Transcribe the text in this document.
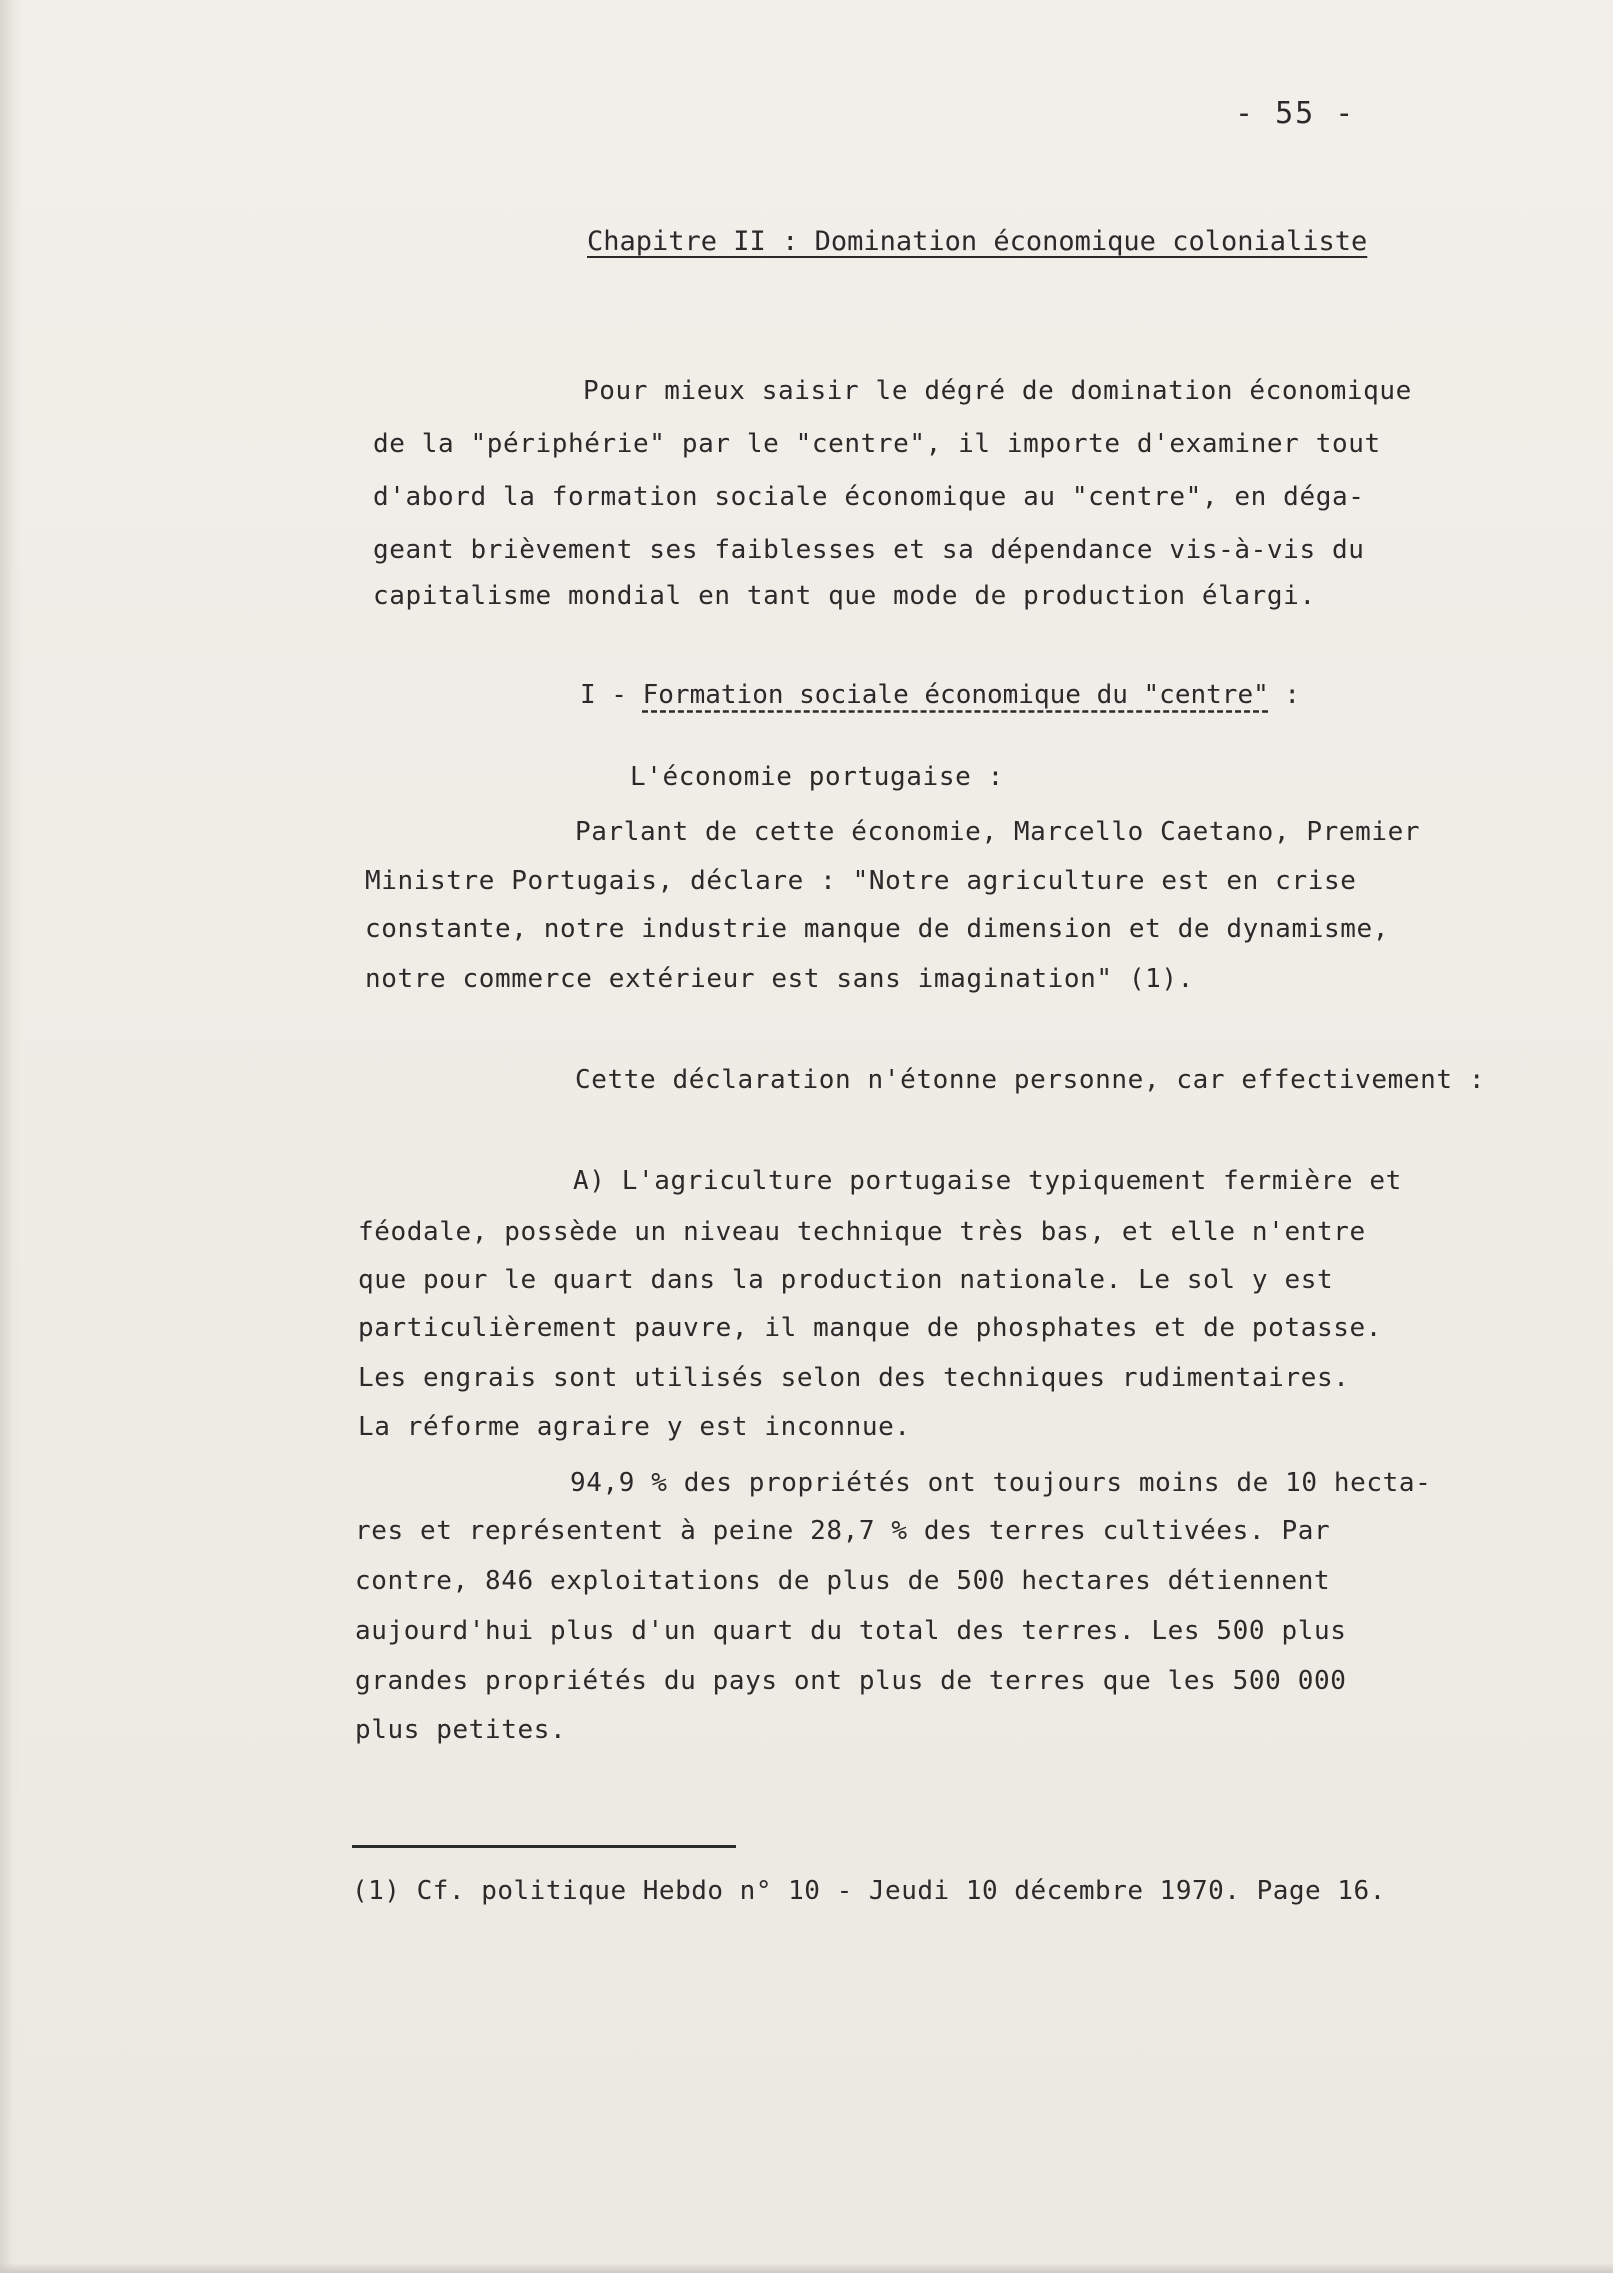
- 55 -
Chapitre II : Domination économique colonialiste
Pour mieux saisir le dégré de domination économique
de la "périphérie" par le "centre", il importe d'examiner tout
d'abord la formation sociale économique au "centre", en déga-
geant brièvement ses faiblesses et sa dépendance vis-à-vis du
capitalisme mondial en tant que mode de production élargi.
I - Formation sociale économique du "centre" :
L'économie portugaise :
Parlant de cette économie, Marcello Caetano, Premier
Ministre Portugais, déclare : "Notre agriculture est en crise
constante, notre industrie manque de dimension et de dynamisme,
notre commerce extérieur est sans imagination" (1).
Cette déclaration n'étonne personne, car effectivement :
A) L'agriculture portugaise typiquement fermière et
féodale, possède un niveau technique très bas, et elle n'entre
que pour le quart dans la production nationale. Le sol y est
particulièrement pauvre, il manque de phosphates et de potasse.
Les engrais sont utilisés selon des techniques rudimentaires.
La réforme agraire y est inconnue.
94,9 % des propriétés ont toujours moins de 10 hecta-
res et représentent à peine 28,7 % des terres cultivées. Par
contre, 846 exploitations de plus de 500 hectares détiennent
aujourd'hui plus d'un quart du total des terres. Les 500 plus
grandes propriétés du pays ont plus de terres que les 500 000
plus petites.
(1) Cf. politique Hebdo n° 10 - Jeudi 10 décembre 1970. Page 16.
